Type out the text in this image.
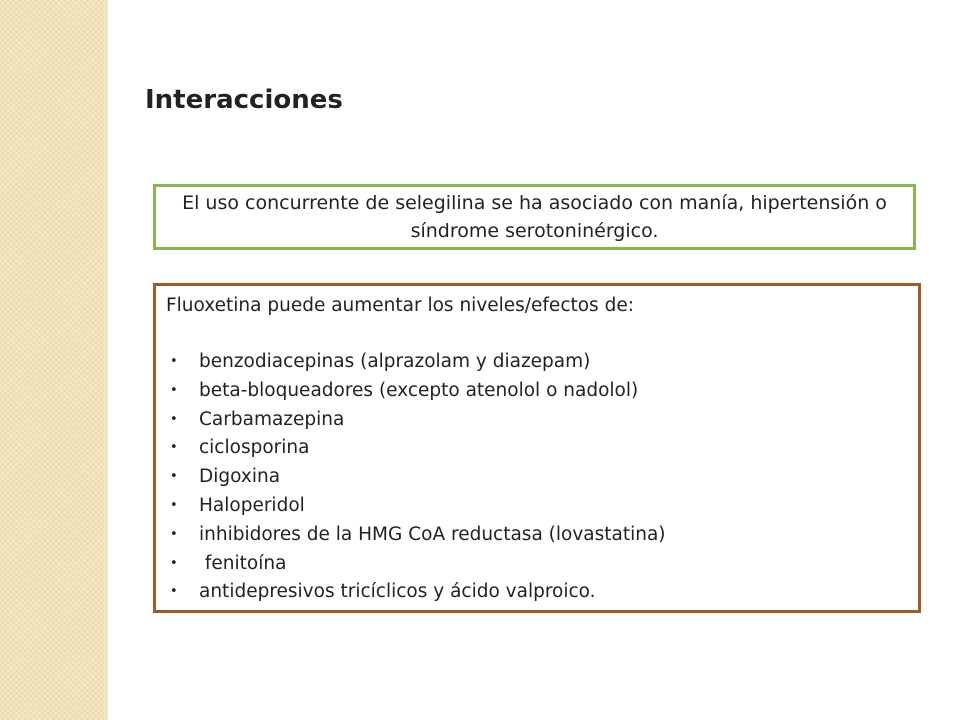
Interacciones
El uso concurrente de selegilina se ha asociado con manía, hipertensión o síndrome serotoninérgico.
Fluoxetina puede aumentar los niveles/efectos de:
• benzodiacepinas (alprazolam y diazepam)
• beta-bloqueadores (excepto atenolol o nadolol)
• Carbamazepina
• ciclosporina
• Digoxina
• Haloperidol
• inhibidores de la HMG CoA reductasa (lovastatina)
• fenitoína
• antidepresivos tricíclicos y ácido valproico.
